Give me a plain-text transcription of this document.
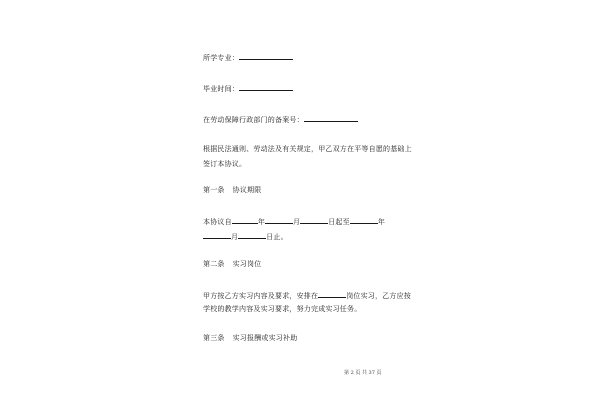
所学专业：
毕业时间：
在劳动保障行政部门的备案号：
根据民法通则、劳动法及有关规定，甲乙双方在平等自愿的基础上
签订本协议。
第一条 协议期限
本协议自	年	月	日起至	年
月	日止。
第二条 实习岗位
甲方按乙方实习内容及要求，安排在	岗位实习，乙方应按
学校的教学内容及实习要求，努力完成实习任务。
第三条 实习报酬或实习补助
第 2 页 共 37 页
